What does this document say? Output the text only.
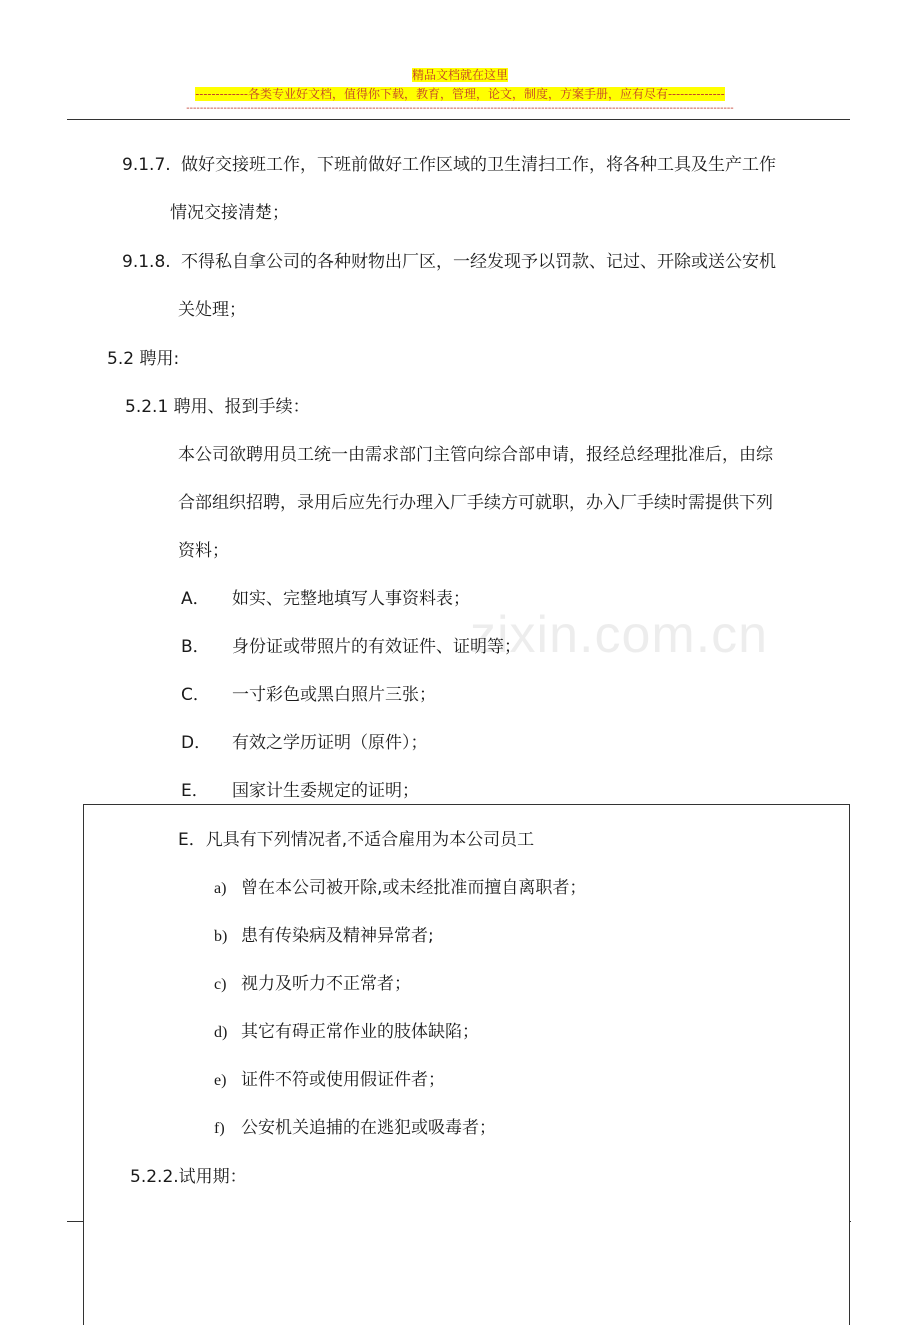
精品文档就在这里
-------------各类专业好文档，值得你下载，教育，管理，论文，制度，方案手册，应有尽有--------------
------------------------------------------------------------------------------------------------------------------------------------------------------------------
zixin.com.cn
9.1.7. 做好交接班工作，下班前做好工作区域的卫生清扫工作，将各种工具及生产工作
情况交接清楚；
9.1.8. 不得私自拿公司的各种财物出厂区，一经发现予以罚款、记过、开除或送公安机
关处理；
5.2 聘用:
5.2.1 聘用、报到手续：
本公司欲聘用员工统一由需求部门主管向综合部申请，报经总经理批准后，由综
合部组织招聘，录用后应先行办理入厂手续方可就职，办入厂手续时需提供下列
资料；
A． 如实、完整地填写人事资料表；
B． 身份证或带照片的有效证件、证明等；
C． 一寸彩色或黑白照片三张；
D． 有效之学历证明（原件）；
E． 国家计生委规定的证明；
E．凡具有下列情况者,不适合雇用为本公司员工
a) 曾在本公司被开除,或未经批准而擅自离职者；
b) 患有传染病及精神异常者;
c) 视力及听力不正常者；
d) 其它有碍正常作业的肢体缺陷；
e) 证件不符或使用假证件者；
f) 公安机关追捕的在逃犯或吸毒者；
5.2.2.试用期：
